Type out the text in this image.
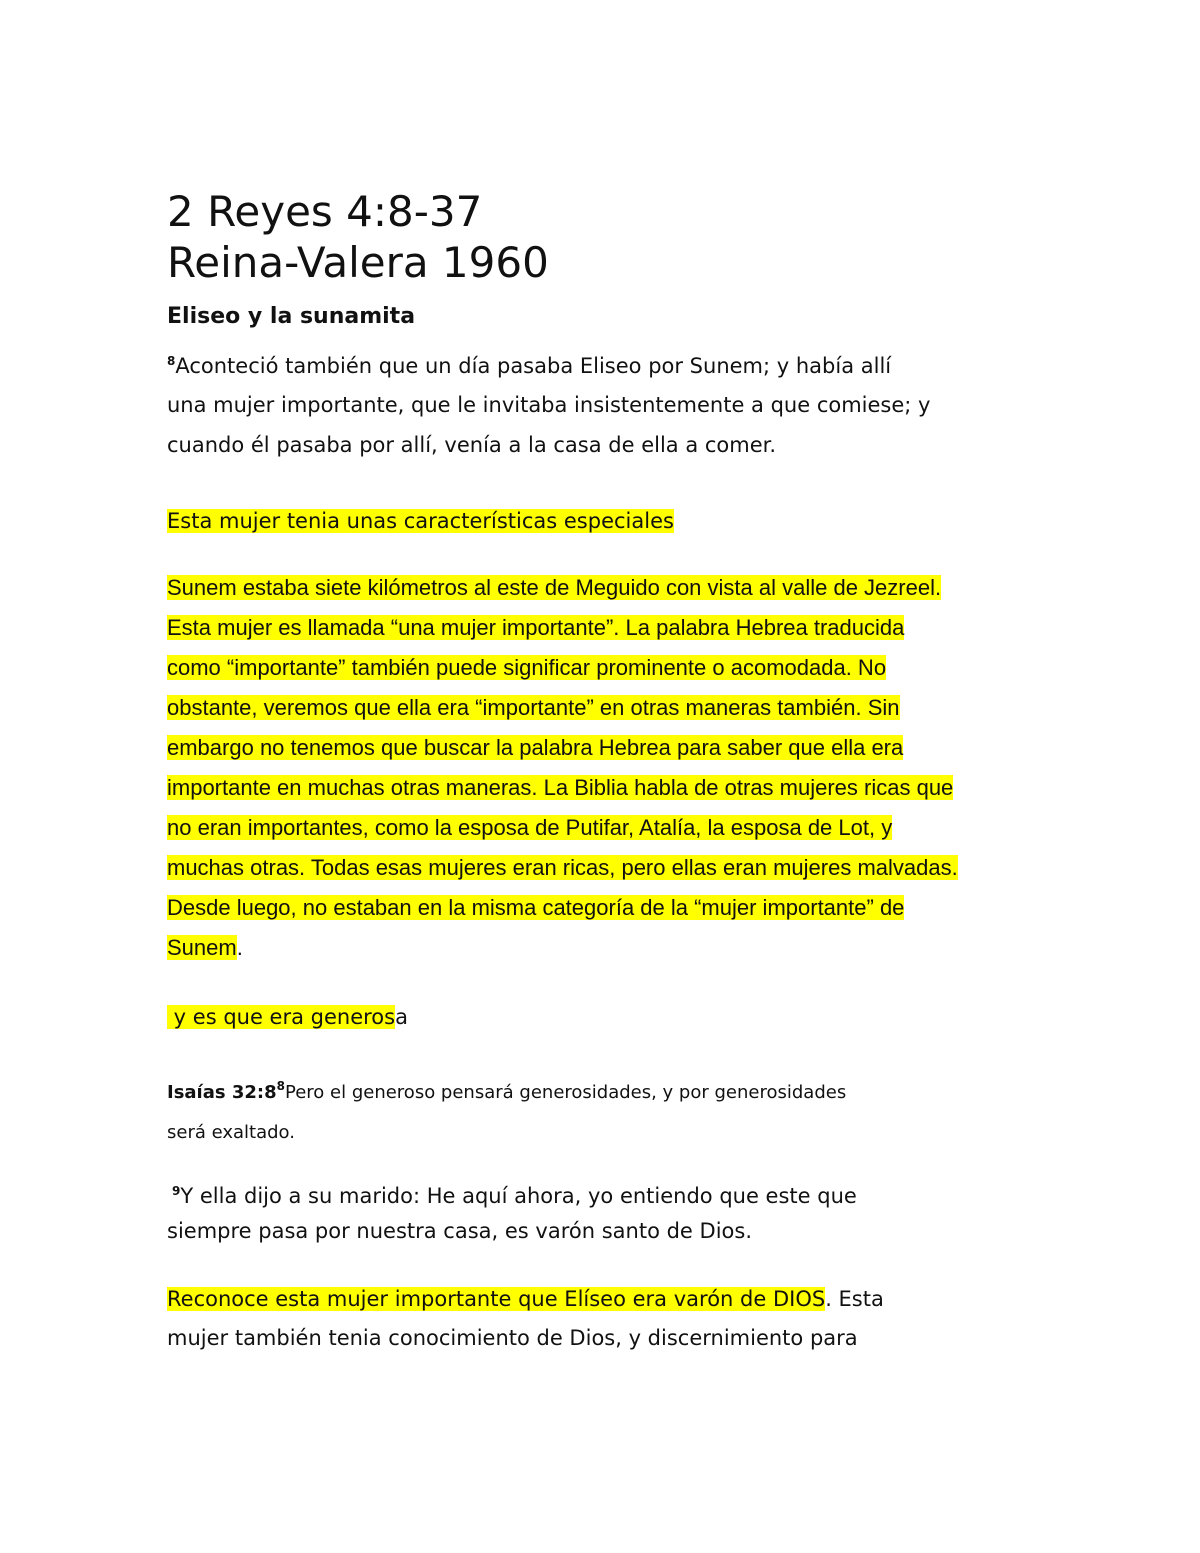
2 Reyes 4:8-37
Reina-Valera 1960
Eliseo y la sunamita
$^8$Aconteció también que un día pasaba Eliseo por Sunem; y había allí
una mujer importante, que le invitaba insistentemente a que comiese; y
cuando él pasaba por allí, venía a la casa de ella a comer.
Esta mujer tenia unas características especiales
Sunem estaba siete kilómetros al este de Meguido con vista al valle de Jezreel.
Esta mujer es llamada “una mujer importante”. La palabra Hebrea traducida
como “importante” también puede significar prominente o acomodada. No
obstante, veremos que ella era “importante” en otras maneras también. Sin
embargo no tenemos que buscar la palabra Hebrea para saber que ella era
importante en muchas otras maneras. La Biblia habla de otras mujeres ricas que
no eran importantes, como la esposa de Putifar, Atalía, la esposa de Lot, y
muchas otras. Todas esas mujeres eran ricas, pero ellas eran mujeres malvadas.
Desde luego, no estaban en la misma categoría de la “mujer importante” de
Sunem.
y es que era generosa
Isaías $32:8^8Pero$ el generoso pensará generosidades, y por generosidades
será exaltado.
$^9$Y ella dijo a su marido: He aquí ahora, yo entiendo que este que
siempre pasa por nuestra casa, es varón santo de Dios.
Reconoce esta mujer importante que Elíseo era varón de DIOS. Esta
mujer también tenia conocimiento de Dios, y discernimiento para
